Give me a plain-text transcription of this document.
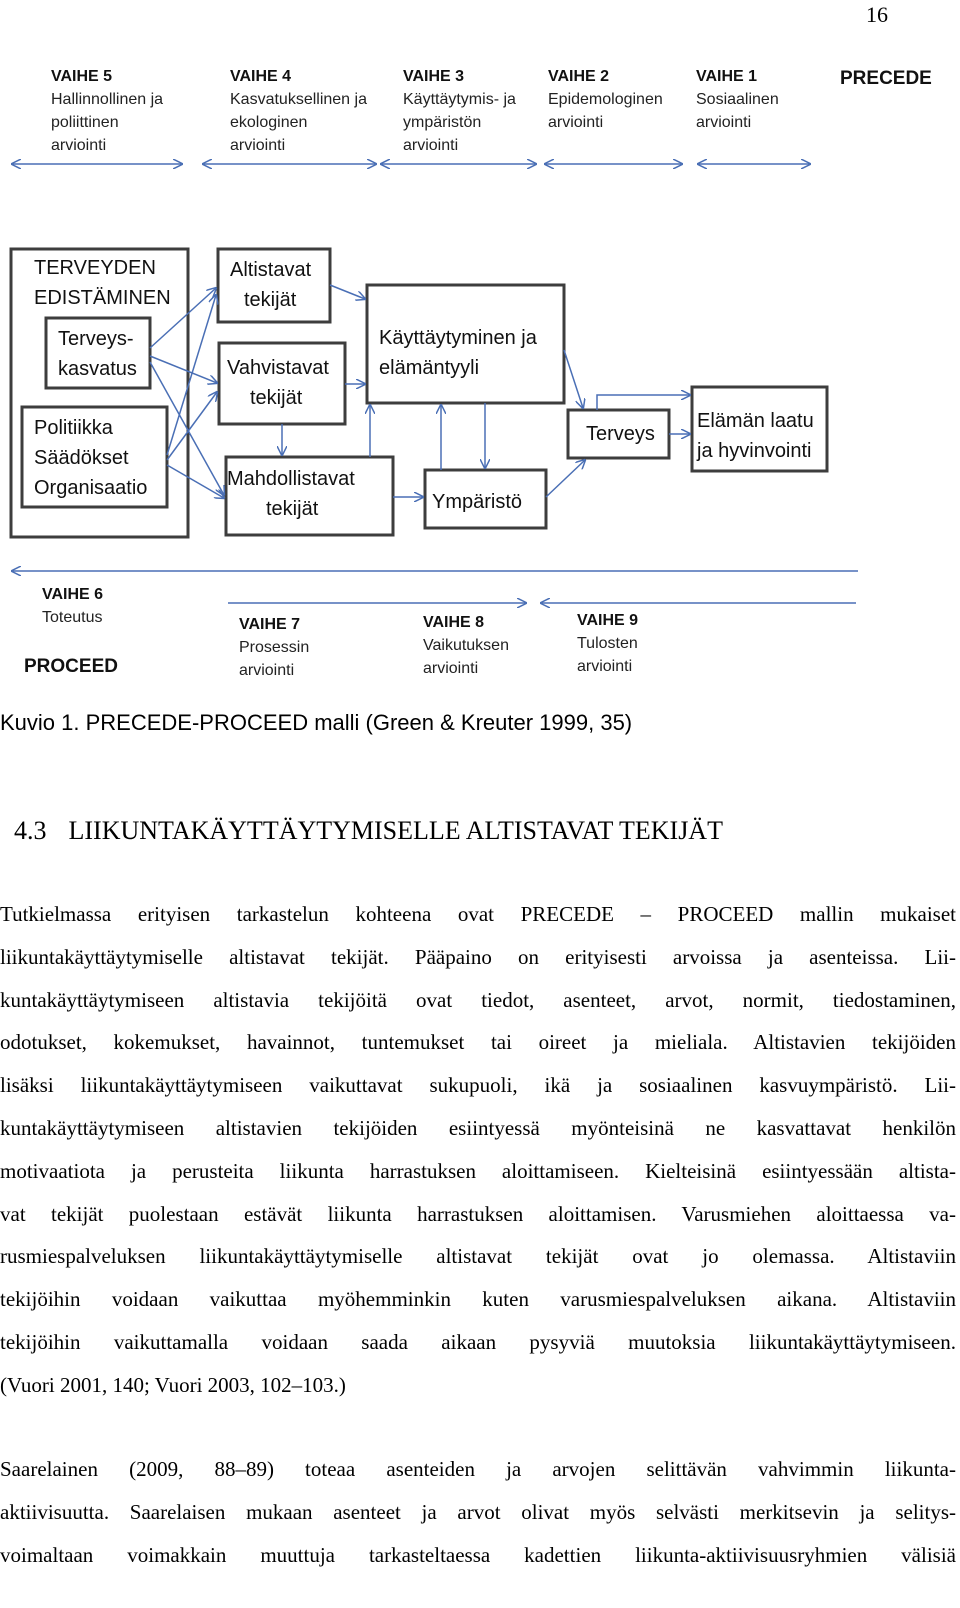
16
VAIHE 5
Hallinnollinen ja
poliittinen
arviointi
VAIHE 4
Kasvatuksellinen ja
ekologinen
arviointi
VAIHE 3
Käyttäytymis- ja
ympäristön
arviointi
VAIHE 2
Epidemologinen
arviointi
VAIHE 1
Sosiaalinen
arviointi
PRECEDE
TERVEYDEN
EDISTÄMINEN
Terveys-
kasvatus
Politiikka
Säädökset
Organisaatio
Altistavat
tekijät
Vahvistavat
tekijät
Mahdollistavat
tekijät
Käyttäytyminen ja
elämäntyyli
Ympäristö
Terveys
Elämän laatu
ja hyvinvointi
VAIHE 6
Toteutus
PROCEED
VAIHE 7
Prosessin
arviointi
VAIHE 8
Vaikutuksen
arviointi
VAIHE 9
Tulosten
arviointi
Kuvio 1. PRECEDE-PROCEED malli (Green & Kreuter 1999, 35)
4.3 LIIKUNTAKÄYTTÄYTYMISELLE ALTISTAVAT TEKIJÄT
Tutkielmassa erityisen tarkastelun kohteena ovat PRECEDE – PROCEED mallin mukaiset
liikuntakäyttäytymiselle altistavat tekijät. Pääpaino on erityisesti arvoissa ja asenteissa. Lii-
kuntakäyttäytymiseen altistavia tekijöitä ovat tiedot, asenteet, arvot, normit, tiedostaminen,
odotukset, kokemukset, havainnot, tuntemukset tai oireet ja mieliala. Altistavien tekijöiden
lisäksi liikuntakäyttäytymiseen vaikuttavat sukupuoli, ikä ja sosiaalinen kasvuympäristö. Lii-
kuntakäyttäytymiseen altistavien tekijöiden esiintyessä myönteisinä ne kasvattavat henkilön
motivaatiota ja perusteita liikunta harrastuksen aloittamiseen. Kielteisinä esiintyessään altista-
vat tekijät puolestaan estävät liikunta harrastuksen aloittamisen. Varusmiehen aloittaessa va-
rusmiespalveluksen liikuntakäyttäytymiselle altistavat tekijät ovat jo olemassa. Altistaviin
tekijöihin voidaan vaikuttaa myöhemminkin kuten varusmiespalveluksen aikana. Altistaviin
tekijöihin vaikuttamalla voidaan saada aikaan pysyviä muutoksia liikuntakäyttäytymiseen.
(Vuori 2001, 140; Vuori 2003, 102–103.)
Saarelainen (2009, 88–89) toteaa asenteiden ja arvojen selittävän vahvimmin liikunta-
aktiivisuutta. Saarelaisen mukaan asenteet ja arvot olivat myös selvästi merkitsevin ja selitys-
voimaltaan voimakkain muuttuja tarkasteltaessa kadettien liikunta-aktiivisuusryhmien välisiä
